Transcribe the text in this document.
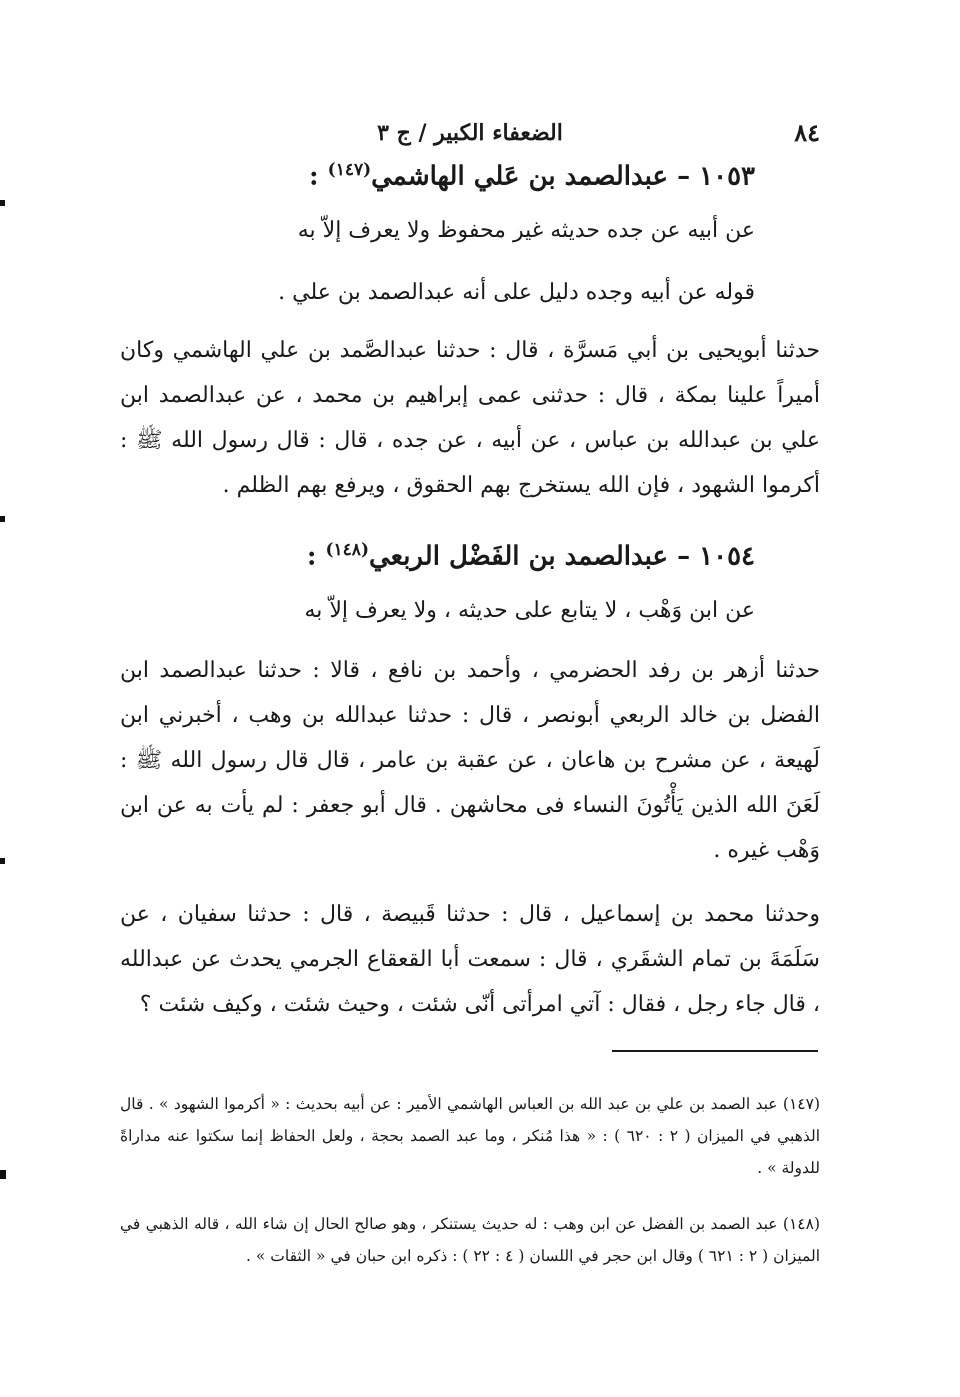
٨٤
الضعفاء الكبير / ج ٣
١٠٥٣ – عبدالصمد بن عَلي الهاشمي$^{(١٤٧)}$ :
عن أبيه عن جده حديثه غير محفوظ ولا يعرف إلاّ به
قوله عن أبيه وجده دليل على أنه عبدالصمد بن علي .
حدثنا أبويحيى بن أبي مَسرَّة ، قال : حدثنا عبدالصَّمد بن علي الهاشمي وكان أميراً علينا بمكة ، قال : حدثنى عمى إبراهيم بن محمد ، عن عبدالصمد ابن علي بن عبدالله بن عباس ، عن أبيه ، عن جده ، قال : قال رسول الله ﷺ : أكرموا الشهود ، فإن الله يستخرج بهم الحقوق ، ويرفع بهم الظلم .
١٠٥٤ – عبدالصمد بن الفَضْل الربعي$^{(١٤٨)}$ :
عن ابن وَهْب ، لا يتابع على حديثه ، ولا يعرف إلاّ به
حدثنا أزهر بن رفد الحضرمي ، وأحمد بن نافع ، قالا : حدثنا عبدالصمد ابن الفضل بن خالد الربعي أبونصر ، قال : حدثنا عبدالله بن وهب ، أخبرني ابن لَهيعة ، عن مشرح بن هاعان ، عن عقبة بن عامر ، قال قال رسول الله ﷺ : لَعَنَ الله الذين يَأْتُونَ النساء فى محاشهن . قال أبو جعفر : لم يأت به عن ابن وَهْب غيره .
وحدثنا محمد بن إسماعيل ، قال : حدثنا قَبيصة ، قال : حدثنا سفيان ، عن سَلَمَةَ بن تمام الشقَري ، قال : سمعت أبا القعقاع الجرمي يحدث عن عبدالله ، قال جاء رجل ، فقال : آتي امرأتى أنّى شئت ، وحيث شئت ، وكيف شئت ؟
(١٤٧) عبد الصمد بن علي بن عبد الله بن العباس الهاشمي الأمير : عن أبيه بحديث : « أكرموا الشهود » . قال الذهبي في الميزان ( ٢ : ٦٢٠ ) : « هذا مُنكر ، وما عبد الصمد بحجة ، ولعل الحفاظ إنما سكتوا عنه مداراةً للدولة » .
(١٤٨) عبد الصمد بن الفضل عن ابن وهب : له حديث يستنكر ، وهو صالح الحال إن شاء الله ، قاله الذهبي في الميزان ( ٢ : ٦٢١ ) وقال ابن حجر في اللسان ( ٤ : ٢٢ ) : ذكره ابن حبان في « الثقات » .
